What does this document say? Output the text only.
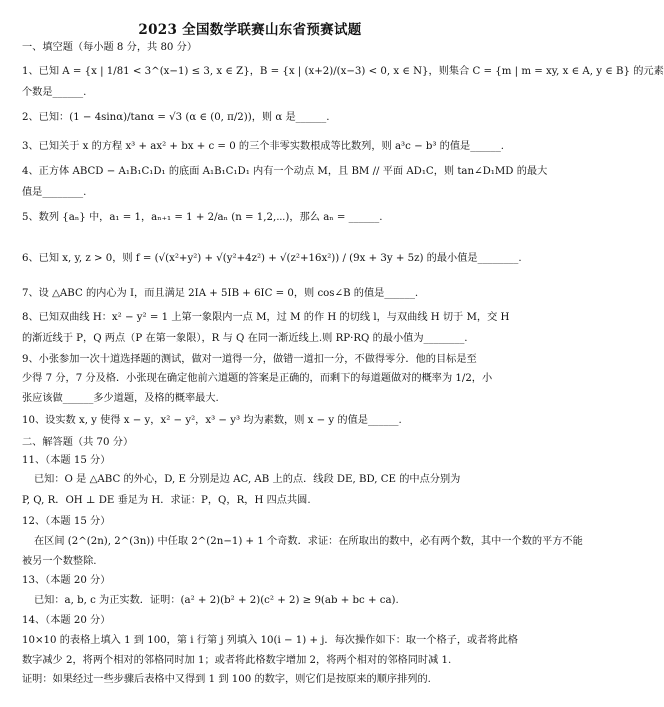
2023 全国数学联赛山东省预赛试题
一、填空题（每小题 8 分，共 80 分）
1、已知 A = {x | 1/81 < 3^(x−1) ≤ 3, x ∈ Z}，B = {x | (x+2)/(x−3) < 0, x ∈ N}，则集合 C = {m | m = xy, x ∈ A, y ∈ B} 的元素
个数是______.
2、已知：(1 − 4sinα)/tanα = √3 (α ∈ (0, π/2))，则 α 是______.
3、已知关于 x 的方程 x³ + ax² + bx + c = 0 的三个非零实数根成等比数列，则 a³c − b³ 的值是______.
4、正方体 ABCD − A₁B₁C₁D₁ 的底面 A₁B₁C₁D₁ 内有一个动点 M，且 BM // 平面 AD₁C，则 tan∠D₁MD 的最大
值是________.
5、数列 {aₙ} 中，a₁ = 1，aₙ₊₁ = 1 + 2/aₙ (n = 1,2,⋯)，那么 aₙ = ______.
6、已知 x, y, z > 0，则 f = (√(x²+y²) + √(y²+4z²) + √(z²+16x²)) / (9x + 3y + 5z) 的最小值是________.
7、设 △ABC 的内心为 I，而且满足 2IA + 5IB + 6IC = 0，则 cos∠B 的值是______.
8、已知双曲线 H：x² − y² = 1 上第一象限内一点 M，过 M 的作 H 的切线 l，与双曲线 H 切于 M，交 H
的渐近线于 P，Q 两点（P 在第一象限），R 与 Q 在同一渐近线上.则 RP·RQ 的最小值为________.
9、小张参加一次十道选择题的测试，做对一道得一分，做错一道扣一分，不做得零分．他的目标是至
少得 7 分，7 分及格．小张现在确定他前六道题的答案是正确的，而剩下的每道题做对的概率为 1/2，小
张应该做______多少道题，及格的概率最大.
10、设实数 x, y 使得 x − y，x² − y²，x³ − y³ 均为素数，则 x − y 的值是______.
二、解答题（共 70 分）
11、（本题 15 分）
已知：O 是 △ABC 的外心，D, E 分别是边 AC, AB 上的点．线段 DE, BD, CE 的中点分别为
P, Q, R．OH ⊥ DE 垂足为 H．求证：P，Q，R，H 四点共圆.
12、（本题 15 分）
在区间 (2^(2n), 2^(3n)) 中任取 2^(2n−1) + 1 个奇数．求证：在所取出的数中，必有两个数，其中一个数的平方不能
被另一个数整除.
13、（本题 20 分）
已知：a, b, c 为正实数．证明：(a² + 2)(b² + 2)(c² + 2) ≥ 9(ab + bc + ca).
14、（本题 20 分）
10×10 的表格上填入 1 到 100，第 i 行第 j 列填入 10(i − 1) + j．每次操作如下：取一个格子，或者将此格
数字减少 2，将两个相对的邻格同时加 1；或者将此格数字增加 2，将两个相对的邻格同时减 1.
证明：如果经过一些步骤后表格中又得到 1 到 100 的数字，则它们是按原来的顺序排列的.
